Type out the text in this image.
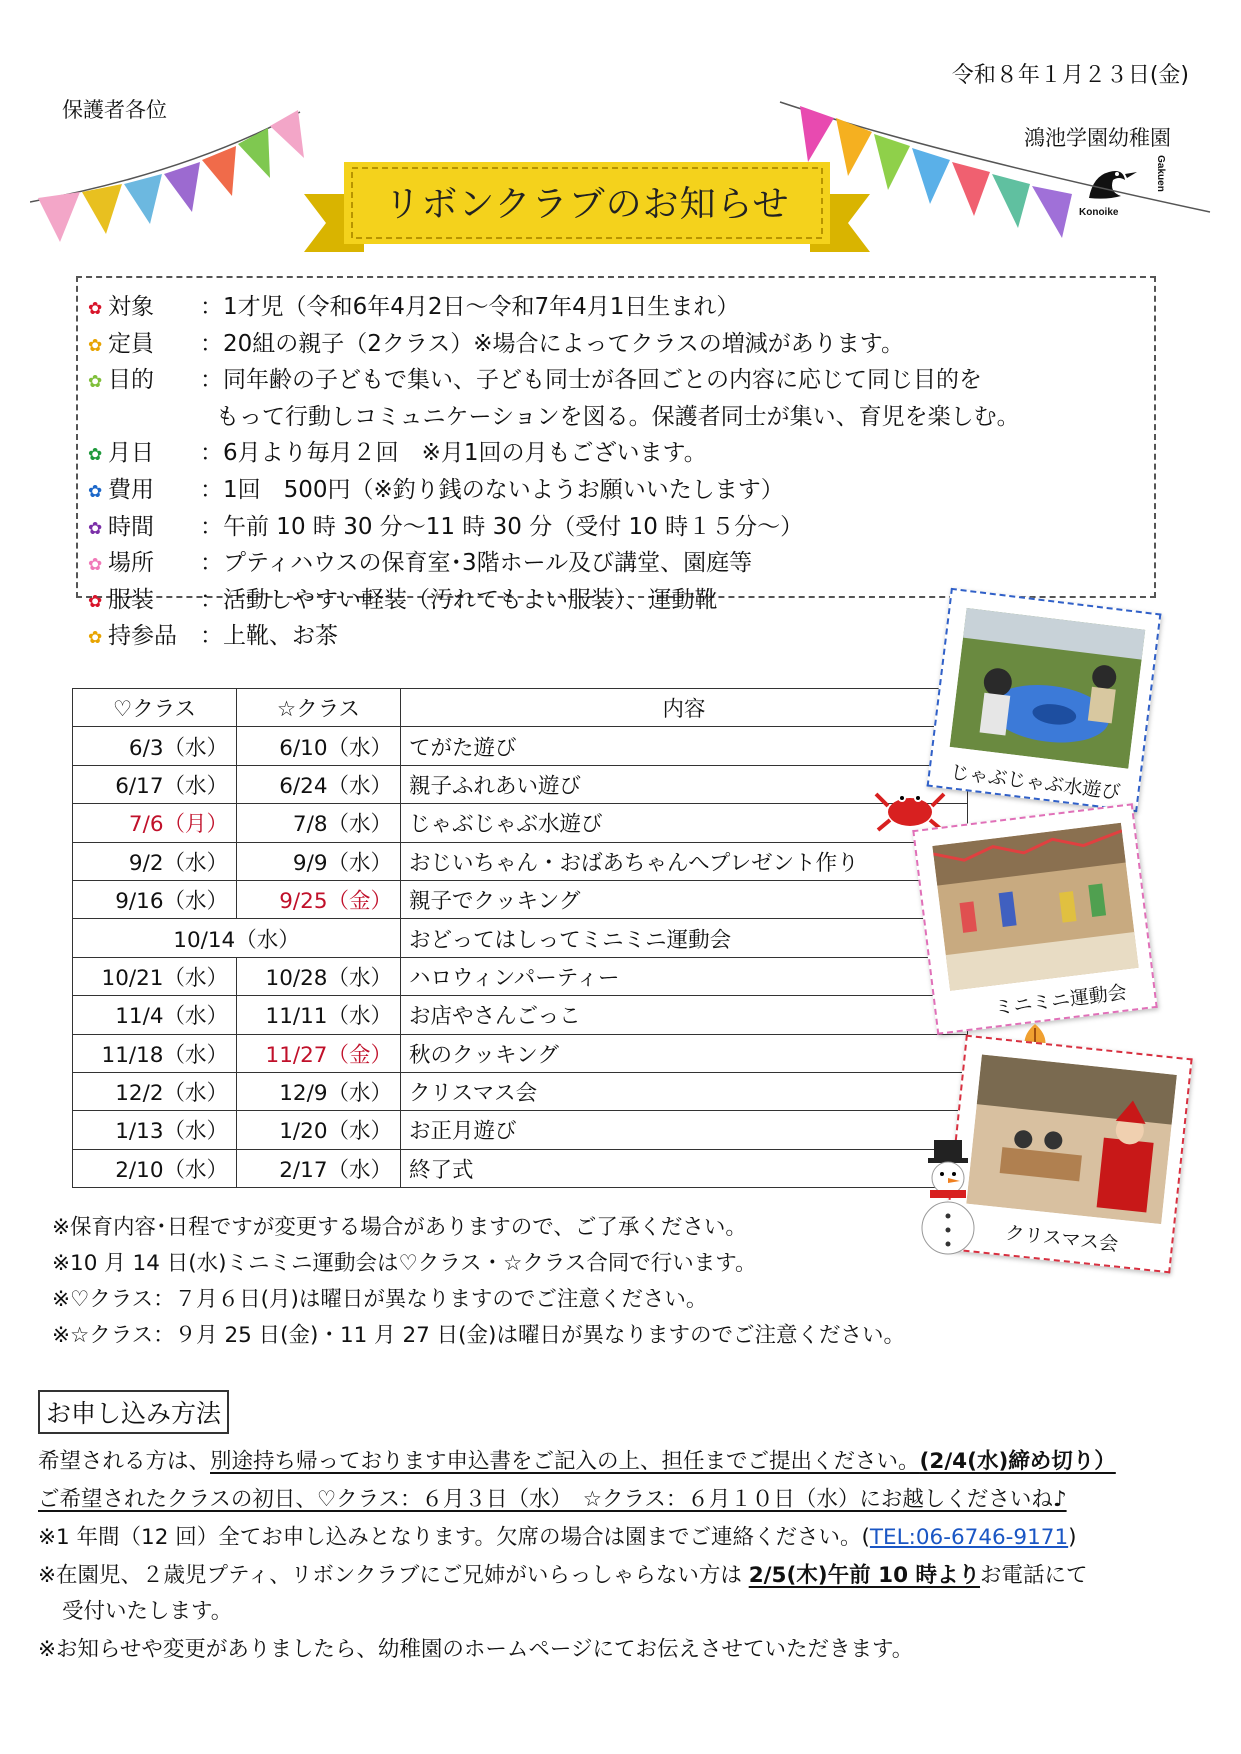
令和８年１月２３日(金)
保護者各位
鴻池学園幼稚園
Konoike
Gakuen
リボンクラブのお知らせ
✿ 対象 ：1才児（令和6年4月2日～令和7年4月1日生まれ）
✿ 定員 ：20組の親子（2クラス）※場合によってクラスの増減があります。
✿ 目的 ：同年齢の子どもで集い、子ども同士が各回ごとの内容に応じて同じ目的を
もって行動しコミュニケーションを図る。保護者同士が集い、育児を楽しむ。
✿ 月日 ：6月より毎月２回　※月1回の月もございます。
✿ 費用 ：1回　500円（※釣り銭のないようお願いいたします）
✿ 時間 ：午前 10 時 30 分～11 時 30 分（受付 10 時１５分～）
✿ 場所 ：プティハウスの保育室･3階ホール及び講堂、園庭等
✿ 服装 ：活動しやすい軽装（汚れてもよい服装）、運動靴
✿ 持参品 ：上靴、お茶
♡クラス	☆クラス	内容
6/3（水）	6/10（水）	てがた遊び
6/17（水）	6/24（水）	親子ふれあい遊び
7/6（月）	7/8（水）	じゃぶじゃぶ水遊び
9/2（水）	9/9（水）	おじいちゃん・おばあちゃんへプレゼント作り
9/16（水）	9/25（金）	親子でクッキング
10/14（水）		おどってはしってミニミニ運動会
10/21（水）	10/28（水）	ハロウィンパーティー
11/4（水）	11/11（水）	お店やさんごっこ
11/18（水）	11/27（金）	秋のクッキング
12/2（水）	12/9（水）	クリスマス会
1/13（水）	1/20（水）	お正月遊び
2/10（水）	2/17（水）	終了式
じゃぶじゃぶ水遊び
ミニミニ運動会
クリスマス会
※保育内容･日程ですが変更する場合がありますので、ご了承ください。
※10 月 14 日(水)ミニミニ運動会は♡クラス・☆クラス合同で行います。
※♡クラス：７月６日(月)は曜日が異なりますのでご注意ください。
※☆クラス：９月 25 日(金)・11 月 27 日(金)は曜日が異なりますのでご注意ください。
お申し込み方法
希望される方は、別途持ち帰っております申込書をご記入の上、担任までご提出ください。(2/4(水)締め切り）
ご希望されたクラスの初日、♡クラス：６月３日（水）　☆クラス：６月１０日（水）にお越しくださいね♪
※1 年間（12 回）全てお申し込みとなります。欠席の場合は園までご連絡ください。(TEL:06-6746-9171)
※在園児、２歳児プティ、リボンクラブにご兄姉がいらっしゃらない方は 2/5(木)午前 10 時よりお電話にて
受付いたします。
※お知らせや変更がありましたら、幼稚園のホームページにてお伝えさせていただきます。
